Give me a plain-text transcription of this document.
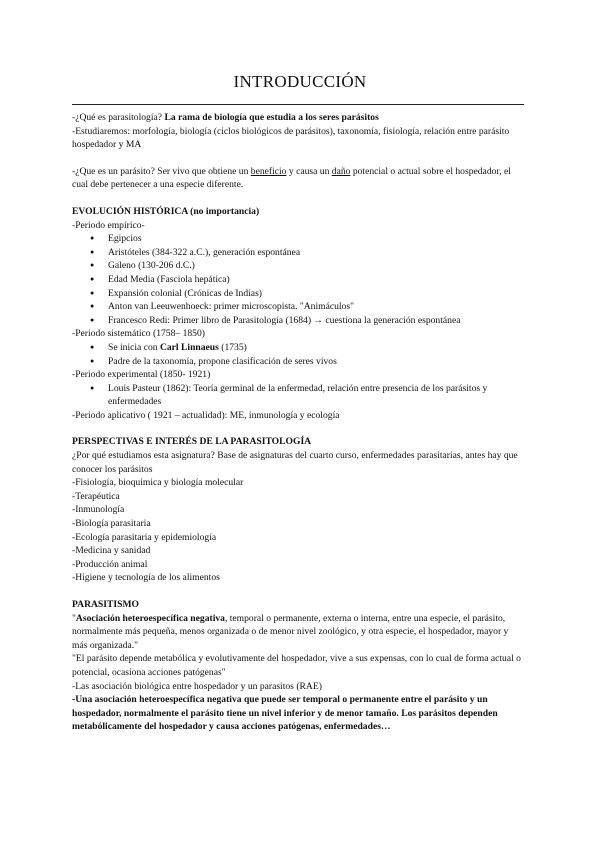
INTRODUCCIÓN

-¿Qué es parasitología? La rama de biología que estudia a los seres parásitos

-Estudiaremos: morfología, biología (ciclos biológicos de parásitos), taxonomía, fisiología, relación entre parásito hospedador y MA

-¿Que es un parásito? Ser vivo que obtiene un beneficio y causa un daño potencial o actual sobre el hospedador, el cual debe pertenecer a una especie diferente.

EVOLUCIÓN HISTÓRICA (no importancia)

-Periodo empírico-

● Egipcios
● Aristóteles (384-322 a.C.), generación espontánea
● Galeno (130-206 d.C.)
● Edad Media (Fasciola hepática)
● Expansión colonial (Crónicas de Indias)
● Anton van Leeuwenhoeck: primer microscopista. "Animáculos"
● Francesco Redi: Primer libro de Parasitología (1684) → cuestiona la generación espontánea

-Periodo sistemático (1758– 1850)

● Se inicia con Carl Linnaeus (1735)
● Padre de la taxonomía, propone clasificación de seres vivos

-Periodo experimental (1850- 1921)

● Louis Pasteur (1862): Teoría germinal de la enfermedad, relación entre presencia de los parásitos y enfermedades

-Periodo aplicativo ( 1921 – actualidad): ME, inmunología y ecología

PERSPECTIVAS E INTERÉS DE LA PARASITOLOGÍA

¿Por qué estudiamos esta asignatura? Base de asignaturas del cuarto curso, enfermedades parasitarias, antes hay que conocer los parásitos

-Fisiología, bioquímica y biología molecular

-Terapéutica

-Inmunología

-Biología parasitaria

-Ecología parasitaria y epidemiología

-Medicina y sanidad

-Producción animal

-Higiene y tecnología de los alimentos

PARASITISMO

"Asociación heteroespecífica negativa, temporal o permanente, externa o interna, entre una especie, el parásito, normalmente más pequeña, menos organizada o de menor nivel zoológico, y otra especie, el hospedador, mayor y más organizada."

"El parásito depende metabólica y evolutivamente del hospedador, vive a sus expensas, con lo cual de forma actual o potencial, ocasiona acciones patógenas"

-Las asociación biológica entre hospedador y un parasitos (RAE)

-Una asociación heteroespecífica negativa que puede ser temporal o permanente entre el parásito y un hospedador, normalmente el parásito tiene un nivel inferior y de menor tamaño. Los parásitos dependen metabólicamente del hospedador y causa acciones patógenas, enfermedades…
